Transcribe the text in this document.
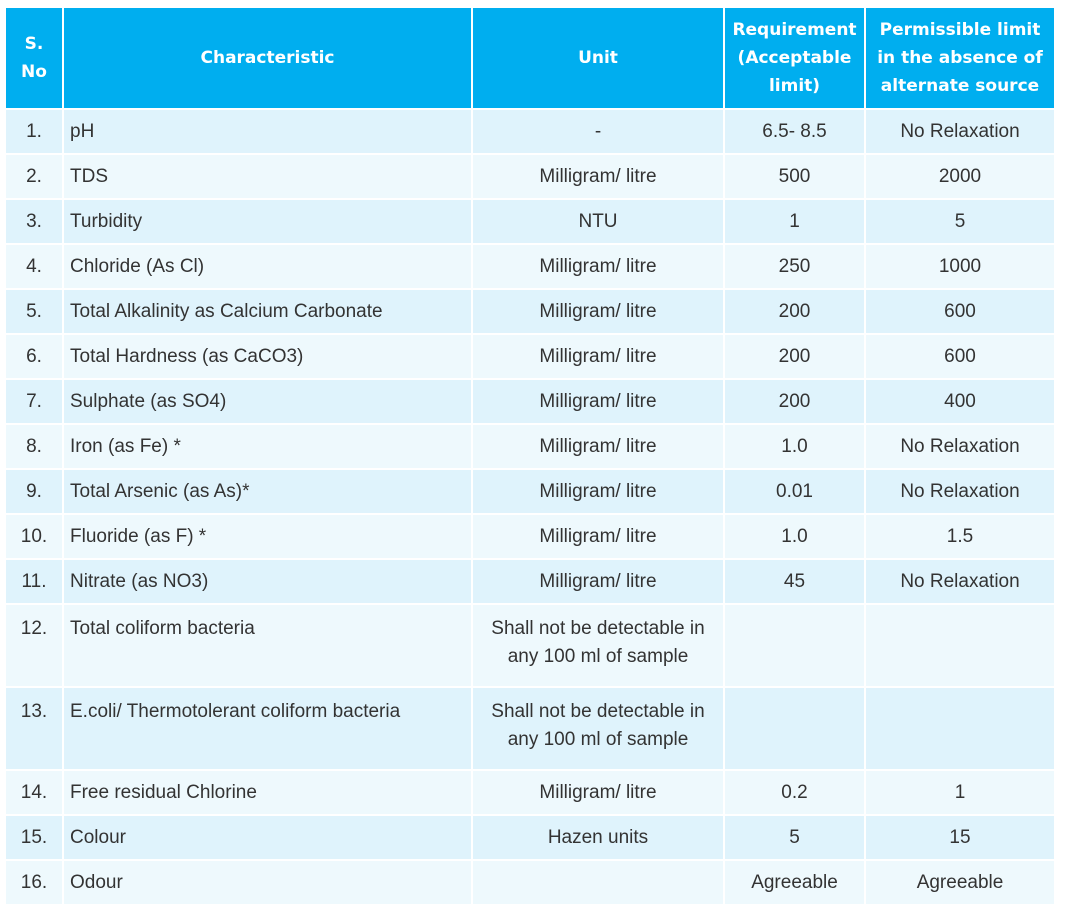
S. No	Characteristic	Unit	Requirement (Acceptable limit)	Permissible limit in the absence of alternate source
1.	pH	-	6.5- 8.5	No Relaxation
2.	TDS	Milligram/ litre	500	2000
3.	Turbidity	NTU	1	5
4.	Chloride (As Cl)	Milligram/ litre	250	1000
5.	Total Alkalinity as Calcium Carbonate	Milligram/ litre	200	600
6.	Total Hardness (as CaCO3)	Milligram/ litre	200	600
7.	Sulphate (as SO4)	Milligram/ litre	200	400
8.	Iron (as Fe) *	Milligram/ litre	1.0	No Relaxation
9.	Total Arsenic (as As)*	Milligram/ litre	0.01	No Relaxation
10.	Fluoride (as F) *	Milligram/ litre	1.0	1.5
11.	Nitrate (as NO3)	Milligram/ litre	45	No Relaxation
12.	Total coliform bacteria	Shall not be detectable in any 100 ml of sample		
13.	E.coli/ Thermotolerant coliform bacteria	Shall not be detectable in any 100 ml of sample		
14.	Free residual Chlorine	Milligram/ litre	0.2	1
15.	Colour	Hazen units	5	15
16.	Odour		Agreeable	Agreeable
